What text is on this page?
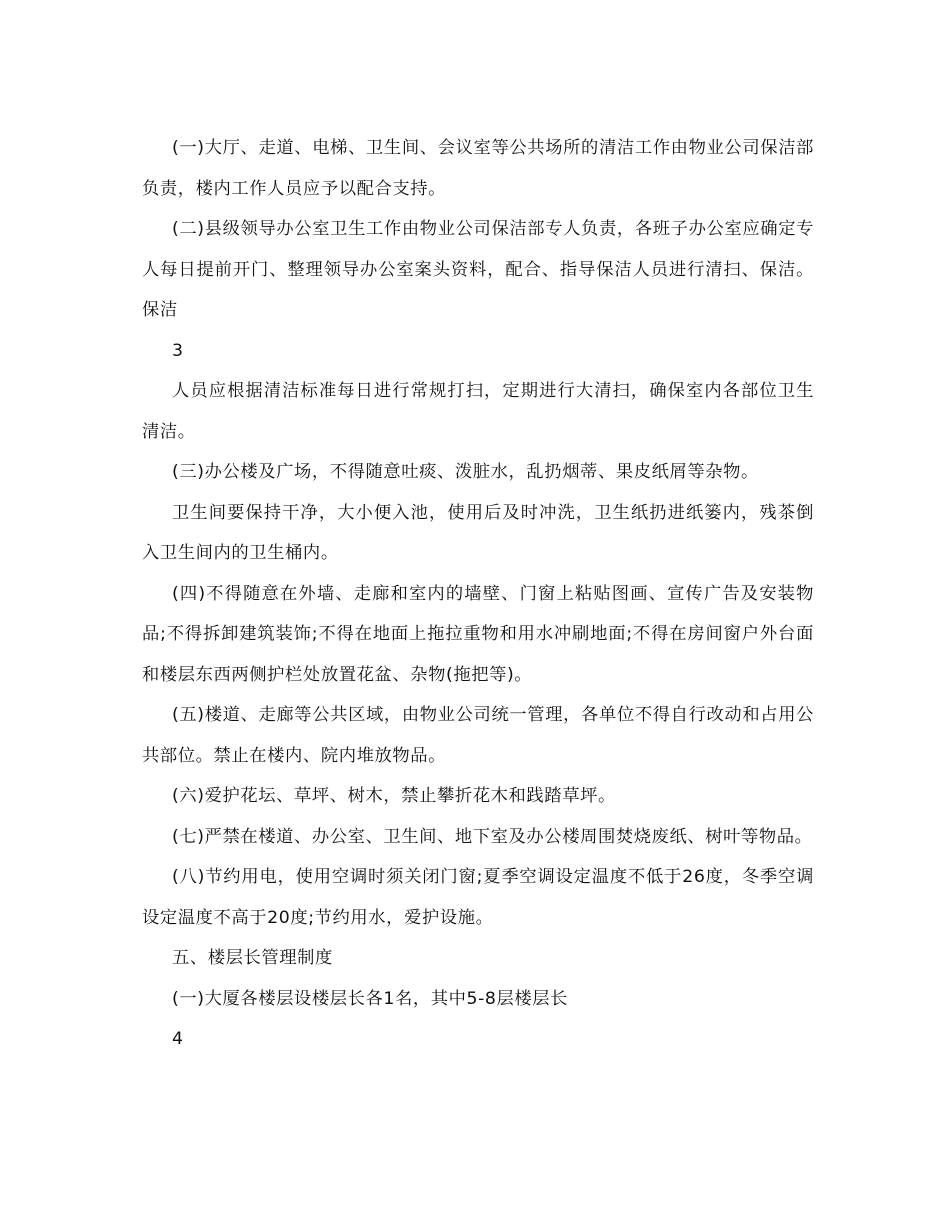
(一)大厅、走道、电梯、卫生间、会议室等公共场所的清洁工作由物业公司保洁部负责，楼内工作人员应予以配合支持。

(二)县级领导办公室卫生工作由物业公司保洁部专人负责，各班子办公室应确定专人每日提前开门、整理领导办公室案头资料，配合、指导保洁人员进行清扫、保洁。保洁

3

人员应根据清洁标准每日进行常规打扫，定期进行大清扫，确保室内各部位卫生清洁。

(三)办公楼及广场，不得随意吐痰、泼脏水，乱扔烟蒂、果皮纸屑等杂物。

卫生间要保持干净，大小便入池，使用后及时冲洗，卫生纸扔进纸篓内，残茶倒入卫生间内的卫生桶内。

(四)不得随意在外墙、走廊和室内的墙壁、门窗上粘贴图画、宣传广告及安装物品;不得拆卸建筑装饰;不得在地面上拖拉重物和用水冲刷地面;不得在房间窗户外台面和楼层东西两侧护栏处放置花盆、杂物(拖把等)。

(五)楼道、走廊等公共区域，由物业公司统一管理，各单位不得自行改动和占用公共部位。禁止在楼内、院内堆放物品。

(六)爱护花坛、草坪、树木，禁止攀折花木和践踏草坪。

(七)严禁在楼道、办公室、卫生间、地下室及办公楼周围焚烧废纸、树叶等物品。

(八)节约用电，使用空调时须关闭门窗;夏季空调设定温度不低于26度，冬季空调设定温度不高于20度;节约用水，爱护设施。

五、楼层长管理制度

(一)大厦各楼层设楼层长各1名，其中5-8层楼层长

4
